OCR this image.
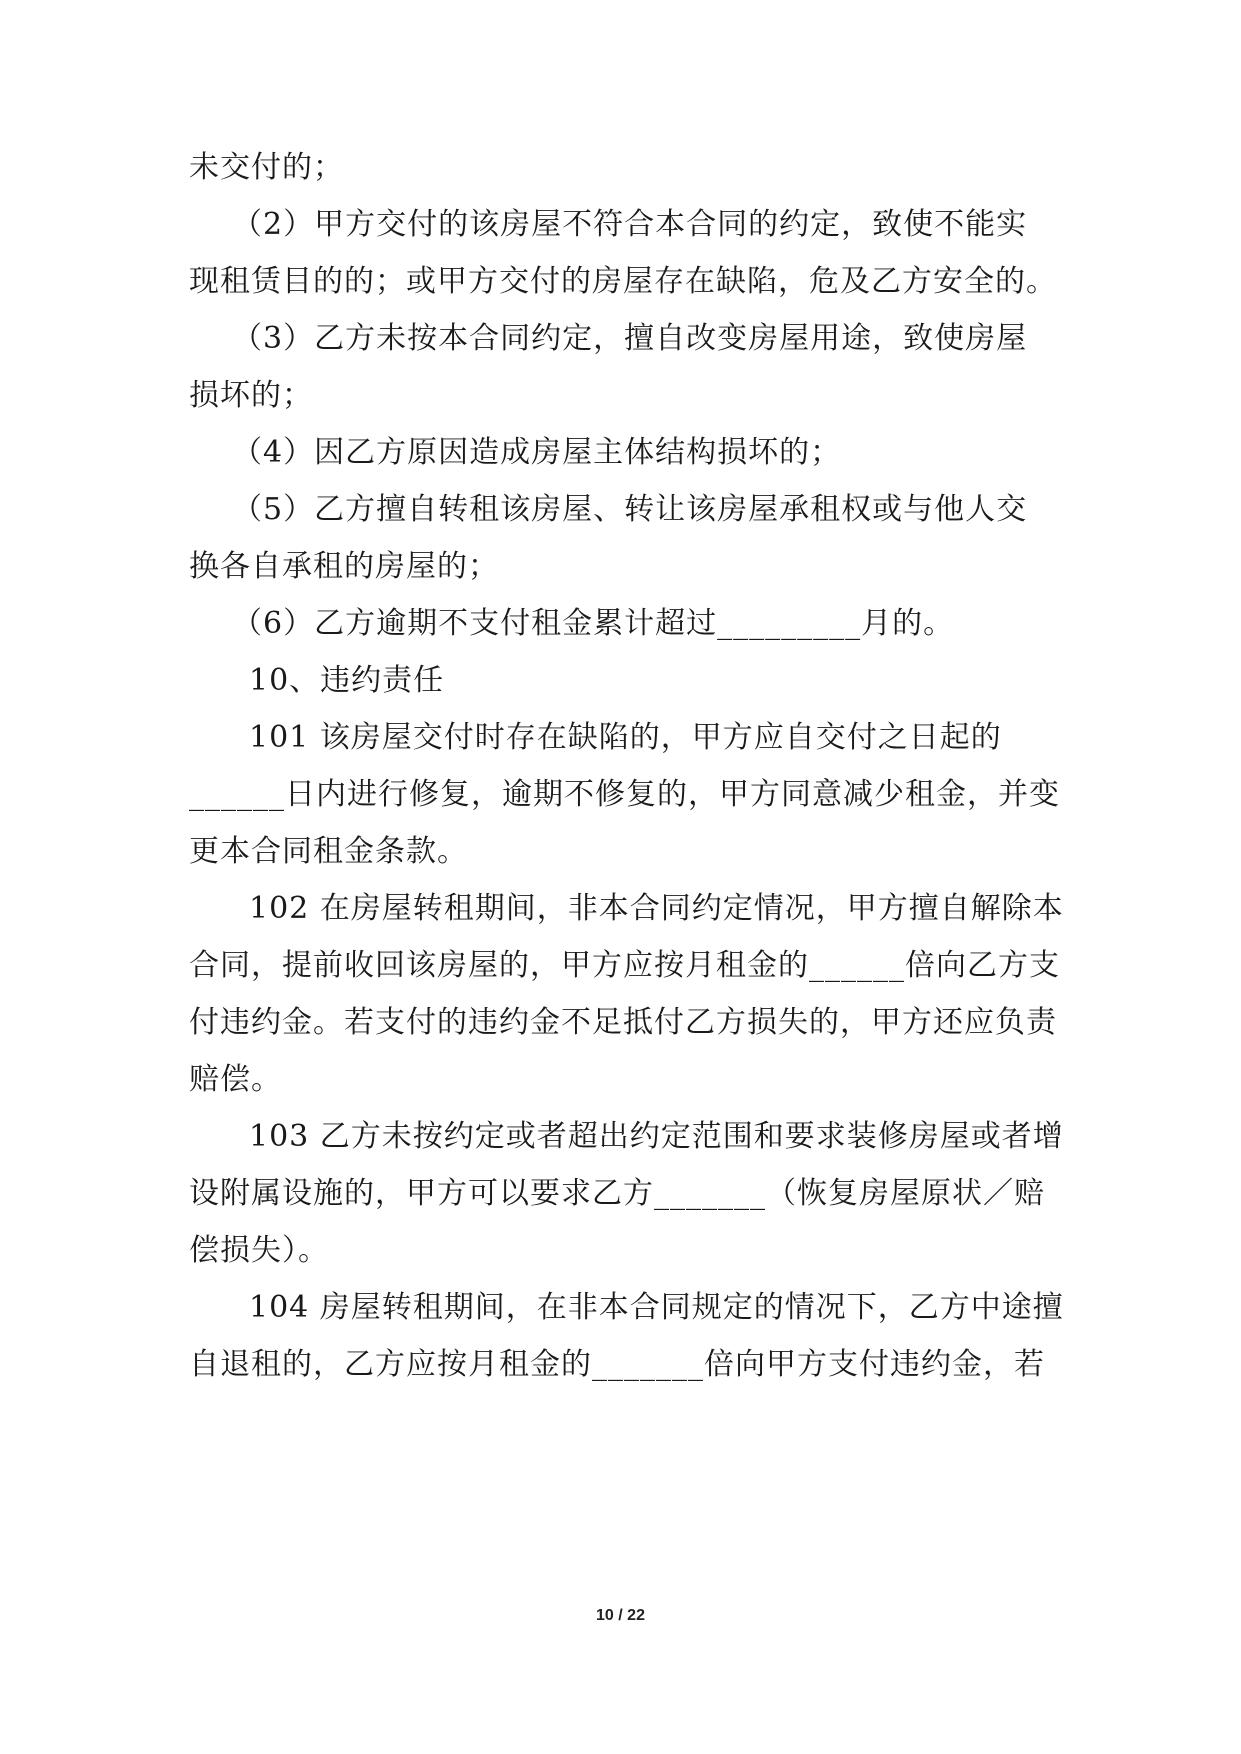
未交付的；
（2）甲方交付的该房屋不符合本合同的约定，致使不能实
现租赁目的的；或甲方交付的房屋存在缺陷，危及乙方安全的。
（3）乙方未按本合同约定，擅自改变房屋用途，致使房屋
损坏的；
（4）因乙方原因造成房屋主体结构损坏的；
（5）乙方擅自转租该房屋、转让该房屋承租权或与他人交
换各自承租的房屋的；
（6）乙方逾期不支付租金累计超过_________月的。
10、违约责任
101 该房屋交付时存在缺陷的，甲方应自交付之日起的
______日内进行修复，逾期不修复的，甲方同意减少租金，并变
更本合同租金条款。
102 在房屋转租期间，非本合同约定情况，甲方擅自解除本
合同，提前收回该房屋的，甲方应按月租金的______倍向乙方支
付违约金。若支付的违约金不足抵付乙方损失的，甲方还应负责
赔偿。
103 乙方未按约定或者超出约定范围和要求装修房屋或者增
设附属设施的，甲方可以要求乙方_______（恢复房屋原状／赔
偿损失）。
104 房屋转租期间，在非本合同规定的情况下，乙方中途擅
自退租的，乙方应按月租金的_______倍向甲方支付违约金，若
10 / 22
